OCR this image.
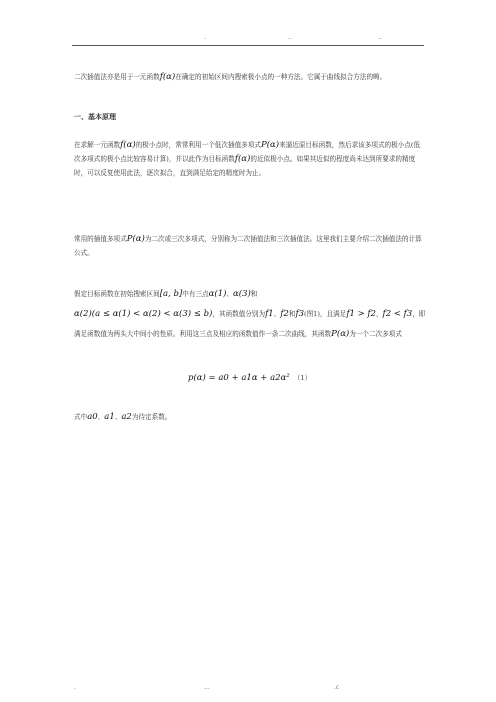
.	..	..
二次插值法亦是用于一元函数f(α)在确定的初始区间内搜索极小点的一种方法。它属于曲线拟合方法的畴。
一、基本原理
在求解一元函数f(α)的极小点时，常常利用一个低次插值多项式P(α)来逼近原目标函数，然后求该多项式的极小点(低次多项式的极小点比较容易计算)，并以此作为目标函数f(α)的近似极小点。如果其近似的程度尚未达到所要求的精度时，可以反复使用此法，逐次拟合，直到满足给定的精度时为止。
常用的插值多项式P(α)为二次或三次多项式，分别称为二次插值法和三次插值法。这里我们主要介绍二次插值法的计算公式。
假定目标函数在初始搜索区间[a, b]中有三点α(1)、α(3)和
α(2)(a ≤ α(1) < α(2) < α(3) ≤ b)，其函数值分别为f1、f2和f3(图1)，且满足f1 > f2，f2 < f3，即满足函数值为两头大中间小的性质。利用这三点及相应的函数值作一条二次曲线，其函数P(α)为一个二次多项式
p(α) = a0 + a1α + a2α² （1）
式中a0、a1、a2为待定系数。
.	...	.c
